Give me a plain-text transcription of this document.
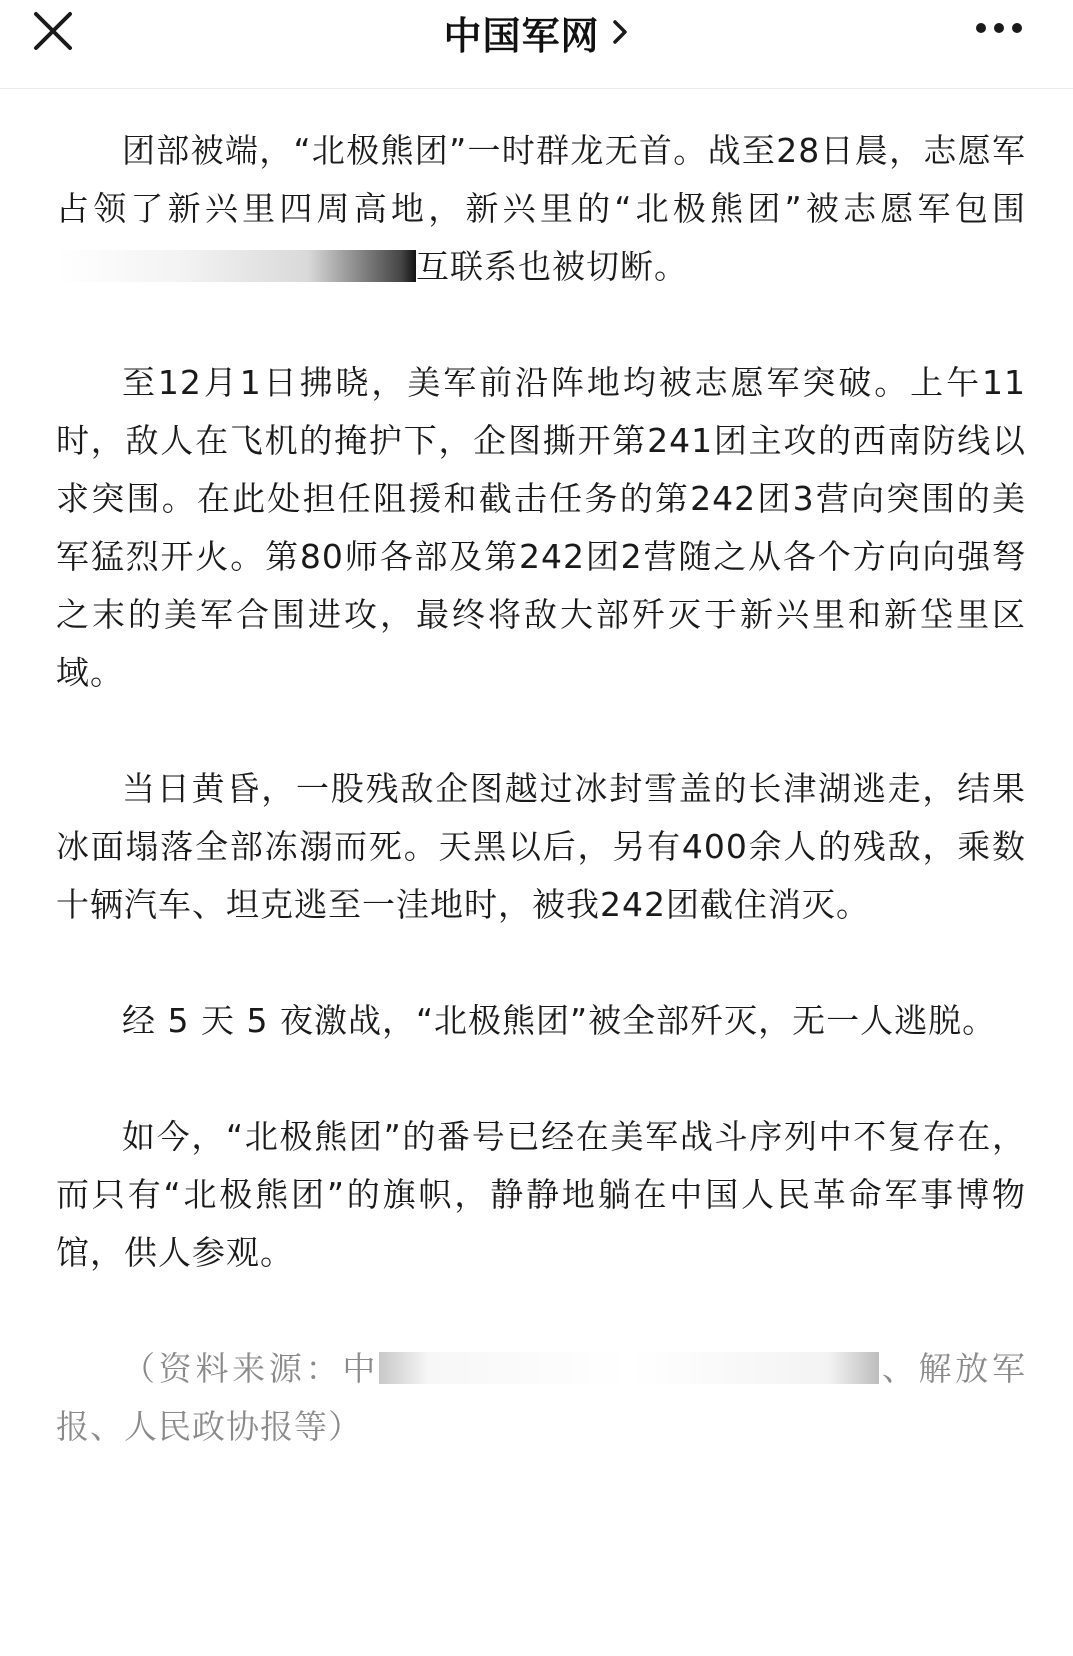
中国军网

团部被端，“北极熊团”一时群龙无首。战至28日晨，志愿军占领了新兴里四周高地，新兴里的“北极熊团”被志愿军包围互联系也被切断。

至12月1日拂晓，美军前沿阵地均被志愿军突破。上午11时，敌人在飞机的掩护下，企图撕开第241团主攻的西南防线以求突围。在此处担任阻援和截击任务的第242团3营向突围的美军猛烈开火。第80师各部及第242团2营随之从各个方向向强弩之末的美军合围进攻，最终将敌大部歼灭于新兴里和新垈里区域。

当日黄昏，一股残敌企图越过冰封雪盖的长津湖逃走，结果冰面塌落全部冻溺而死。天黑以后，另有400余人的残敌，乘数十辆汽车、坦克逃至一洼地时，被我242团截住消灭。

经 5 天 5 夜激战，“北极熊团”被全部歼灭，无一人逃脱。

如今，“北极熊团”的番号已经在美军战斗序列中不复存在，而只有“北极熊团”的旗帜，静静地躺在中国人民革命军事博物馆，供人参观。

（资料来源：中	、解放军报、人民政协报等）
